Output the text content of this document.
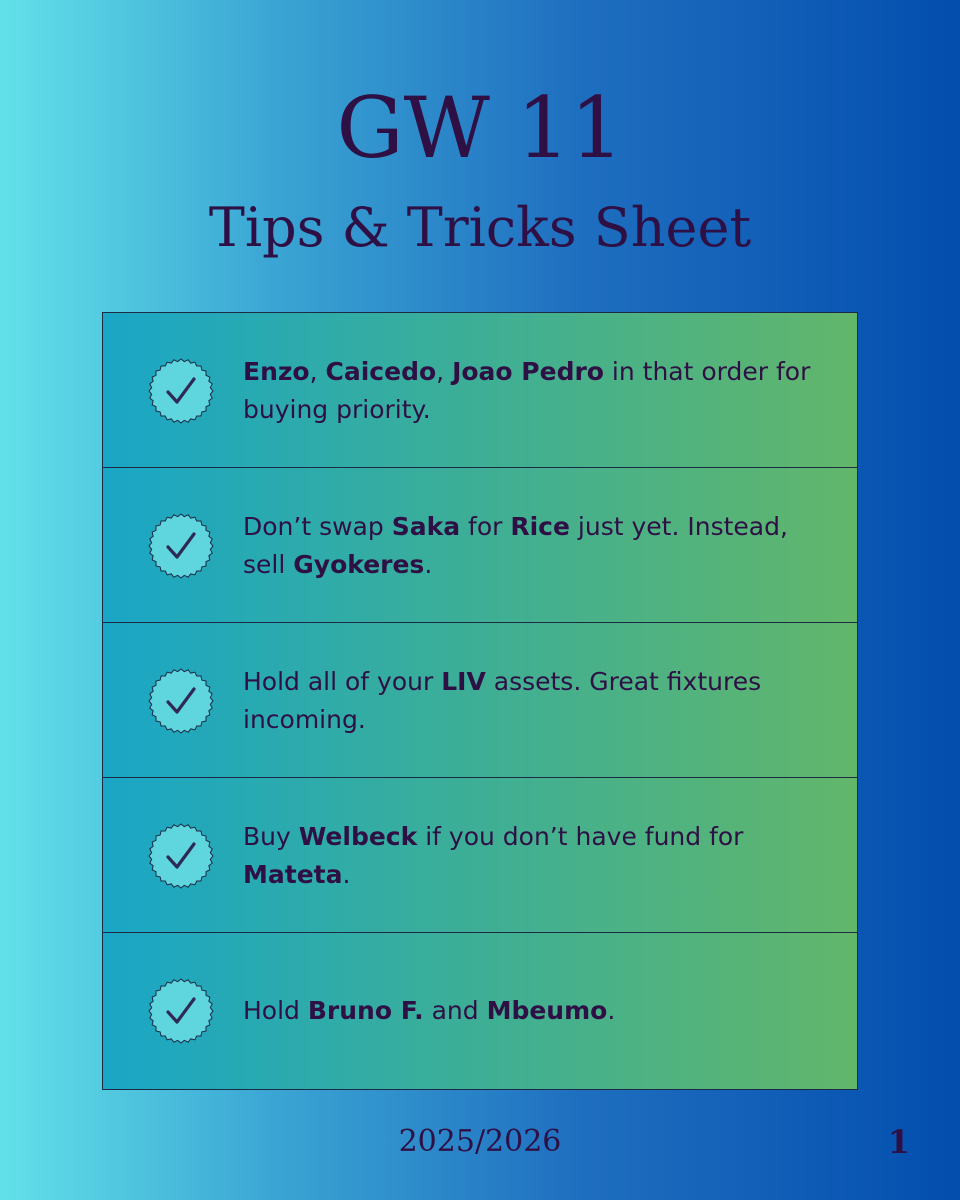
GW 11
Tips & Tricks Sheet
Enzo, Caicedo, Joao Pedro in that order for buying priority.
Don’t swap Saka for Rice just yet. Instead, sell Gyokeres.
Hold all of your LIV assets. Great fixtures incoming.
Buy Welbeck if you don’t have fund for Mateta.
Hold Bruno F. and Mbeumo.
2025/2026	1
